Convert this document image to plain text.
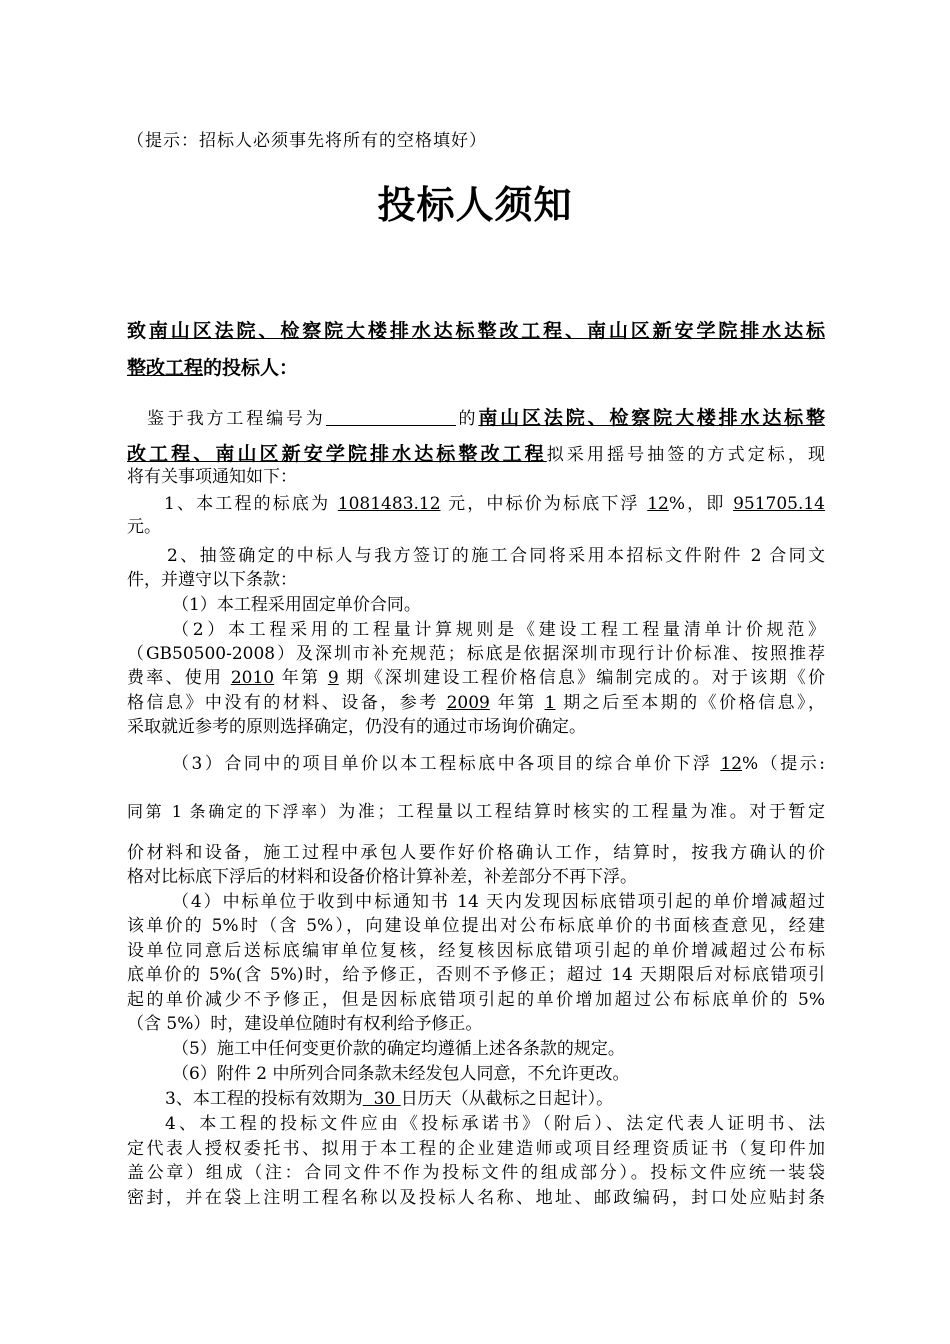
（提示：招标人必须事先将所有的空格填好）
投标人须知
致南山区法院、检察院大楼排水达标整改工程、南山区新安学院排水达标
整改工程的投标人：
鉴于我方工程编号为	的南山区法院、检察院大楼排水达标整
改工程、南山区新安学院排水达标整改工程拟采用摇号抽签的方式定标，现
将有关事项通知如下：
1、本工程的标底为 1081483.12 元，中标价为标底下浮 12%，即 951705.14
元。
2、抽签确定的中标人与我方签订的施工合同将采用本招标文件附件 2 合同文
件，并遵守以下条款：
（1）本工程采用固定单价合同。
（2）本工程采用的工程量计算规则是《建设工程工程量清单计价规范》
（GB50500-2008）及深圳市补充规范；标底是依据深圳市现行计价标准、按照推荐
费率、使用 2010 年第 9 期《深圳建设工程价格信息》编制完成的。对于该期《价
格信息》中没有的材料、设备，参考 2009 年第 1 期之后至本期的《价格信息》，
采取就近参考的原则选择确定，仍没有的通过市场询价确定。
（3）合同中的项目单价以本工程标底中各项目的综合单价下浮 12%（提示:
同第 1 条确定的下浮率）为准；工程量以工程结算时核实的工程量为准。对于暂定
价材料和设备，施工过程中承包人要作好价格确认工作，结算时，按我方确认的价
格对比标底下浮后的材料和设备价格计算补差，补差部分不再下浮。
（4）中标单位于收到中标通知书 14 天内发现因标底错项引起的单价增减超过
该单价的 5%时（含 5%），向建设单位提出对公布标底单价的书面核查意见，经建
设单位同意后送标底编审单位复核，经复核因标底错项引起的单价增减超过公布标
底单价的 5%(含 5%)时，给予修正，否则不予修正；超过 14 天期限后对标底错项引
起的单价减少不予修正，但是因标底错项引起的单价增加超过公布标底单价的 5%
（含 5%）时，建设单位随时有权利给予修正。
（5）施工中任何变更价款的确定均遵循上述各条款的规定。
（6）附件 2 中所列合同条款未经发包人同意，不允许更改。
3、本工程的投标有效期为 30 日历天（从截标之日起计）。
4、本工程的投标文件应由《投标承诺书》（附后）、法定代表人证明书、法
定代表人授权委托书、拟用于本工程的企业建造师或项目经理资质证书（复印件加
盖公章）组成（注：合同文件不作为投标文件的组成部分）。投标文件应统一装袋
密封，并在袋上注明工程名称以及投标人名称、地址、邮政编码，封口处应贴封条
